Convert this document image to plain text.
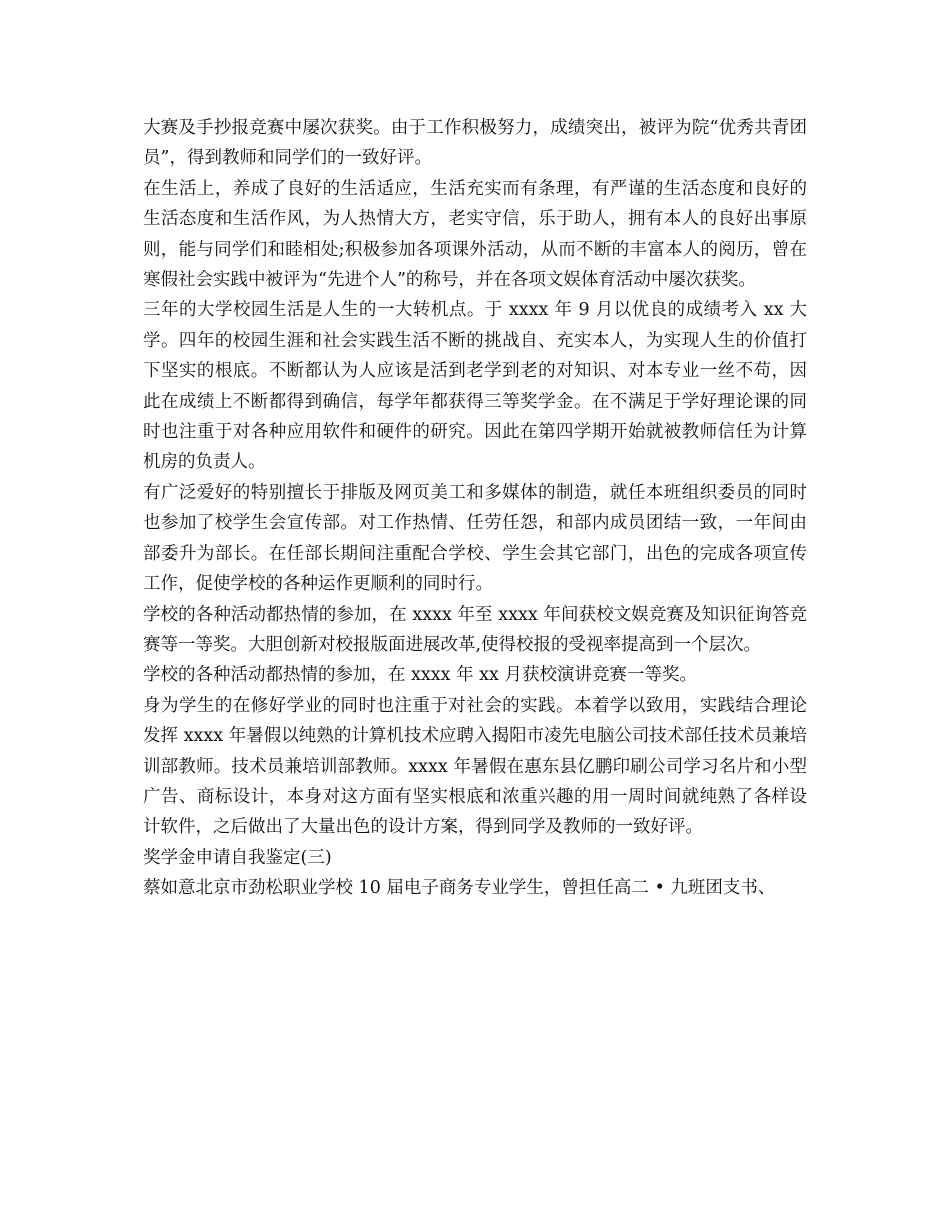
大赛及手抄报竞赛中屡次获奖。由于工作积极努力，成绩突出，被评为院“优秀共青团员”，得到教师和同学们的一致好评。

在生活上，养成了良好的生活适应，生活充实而有条理，有严谨的生活态度和良好的生活态度和生活作风，为人热情大方，老实守信，乐于助人，拥有本人的良好出事原则，能与同学们和睦相处;积极参加各项课外活动，从而不断的丰富本人的阅历，曾在寒假社会实践中被评为“先进个人”的称号，并在各项文娱体育活动中屡次获奖。

三年的大学校园生活是人生的一大转机点。于 xxxx 年 9 月以优良的成绩考入 xx 大学。四年的校园生涯和社会实践生活不断的挑战自、充实本人，为实现人生的价值打下坚实的根底。不断都认为人应该是活到老学到老的对知识、对本专业一丝不苟，因此在成绩上不断都得到确信，每学年都获得三等奖学金。在不满足于学好理论课的同时也注重于对各种应用软件和硬件的研究。因此在第四学期开始就被教师信任为计算机房的负责人。

有广泛爱好的特别擅长于排版及网页美工和多媒体的制造，就任本班组织委员的同时也参加了校学生会宣传部。对工作热情、任劳任怨，和部内成员团结一致，一年间由部委升为部长。在任部长期间注重配合学校、学生会其它部门，出色的完成各项宣传工作，促使学校的各种运作更顺利的同时行。

学校的各种活动都热情的参加，在 xxxx 年至 xxxx 年间获校文娱竞赛及知识征询答竞赛等一等奖。大胆创新对校报版面进展改革,使得校报的受视率提高到一个层次。

学校的各种活动都热情的参加，在 xxxx 年 xx 月获校演讲竞赛一等奖。

身为学生的在修好学业的同时也注重于对社会的实践。本着学以致用，实践结合理论发挥 xxxx 年暑假以纯熟的计算机技术应聘入揭阳市凌先电脑公司技术部任技术员兼培训部教师。技术员兼培训部教师。xxxx 年暑假在惠东县亿鹏印刷公司学习名片和小型广告、商标设计，本身对这方面有坚实根底和浓重兴趣的用一周时间就纯熟了各样设计软件，之后做出了大量出色的设计方案，得到同学及教师的一致好评。

奖学金申请自我鉴定(三)

蔡如意北京市劲松职业学校 10 届电子商务专业学生，曾担任高二 • 九班团支书、
